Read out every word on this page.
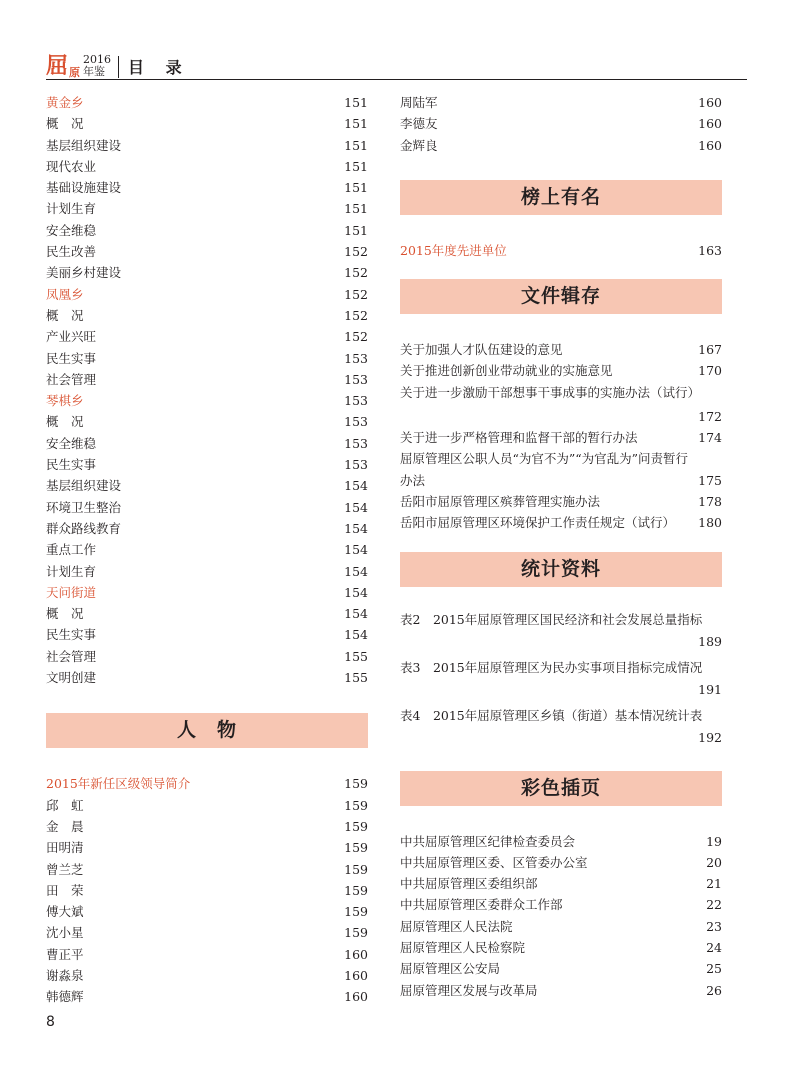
屈 原
2016
年鉴	目 录
黄金乡	151
概　况	151
基层组织建设	151
现代农业	151
基础设施建设	151
计划生育	151
安全维稳	151
民生改善	152
美丽乡村建设	152
凤凰乡	152
概　况	152
产业兴旺	152
民生实事	153
社会管理	153
琴棋乡	153
概　况	153
安全维稳	153
民生实事	153
基层组织建设	154
环境卫生整治	154
群众路线教育	154
重点工作	154
计划生育	154
天问街道	154
概　况	154
民生实事	154
社会管理	155
文明创建	155
人　物
2015年新任区级领导简介	159
邱　虹	159
金　晨	159
田明清	159
曾兰芝	159
田　荣	159
傅大斌	159
沈小星	159
曹正平	160
谢淼泉	160
韩德辉	160
周陆军	160
李德友	160
金辉良	160
榜上有名
2015年度先进单位	163
文件辑存
关于加强人才队伍建设的意见	167
关于推进创新创业带动就业的实施意见	170
关于进一步激励干部想事干事成事的实施办法（试行）
172
关于进一步严格管理和监督干部的暂行办法	174
屈原管理区公职人员“为官不为”“为官乱为”问责暂行
办法	175
岳阳市屈原管理区殡葬管理实施办法	178
岳阳市屈原管理区环境保护工作责任规定（试行） 180
统计资料
表2　2015年屈原管理区国民经济和社会发展总量指标
189
表3　2015年屈原管理区为民办实事项目指标完成情况
191
表4　2015年屈原管理区乡镇（街道）基本情况统计表
192
彩色插页
中共屈原管理区纪律检查委员会	19
中共屈原管理区委、区管委办公室	20
中共屈原管理区委组织部	21
中共屈原管理区委群众工作部	22
屈原管理区人民法院	23
屈原管理区人民检察院	24
屈原管理区公安局	25
屈原管理区发展与改革局	26
8
